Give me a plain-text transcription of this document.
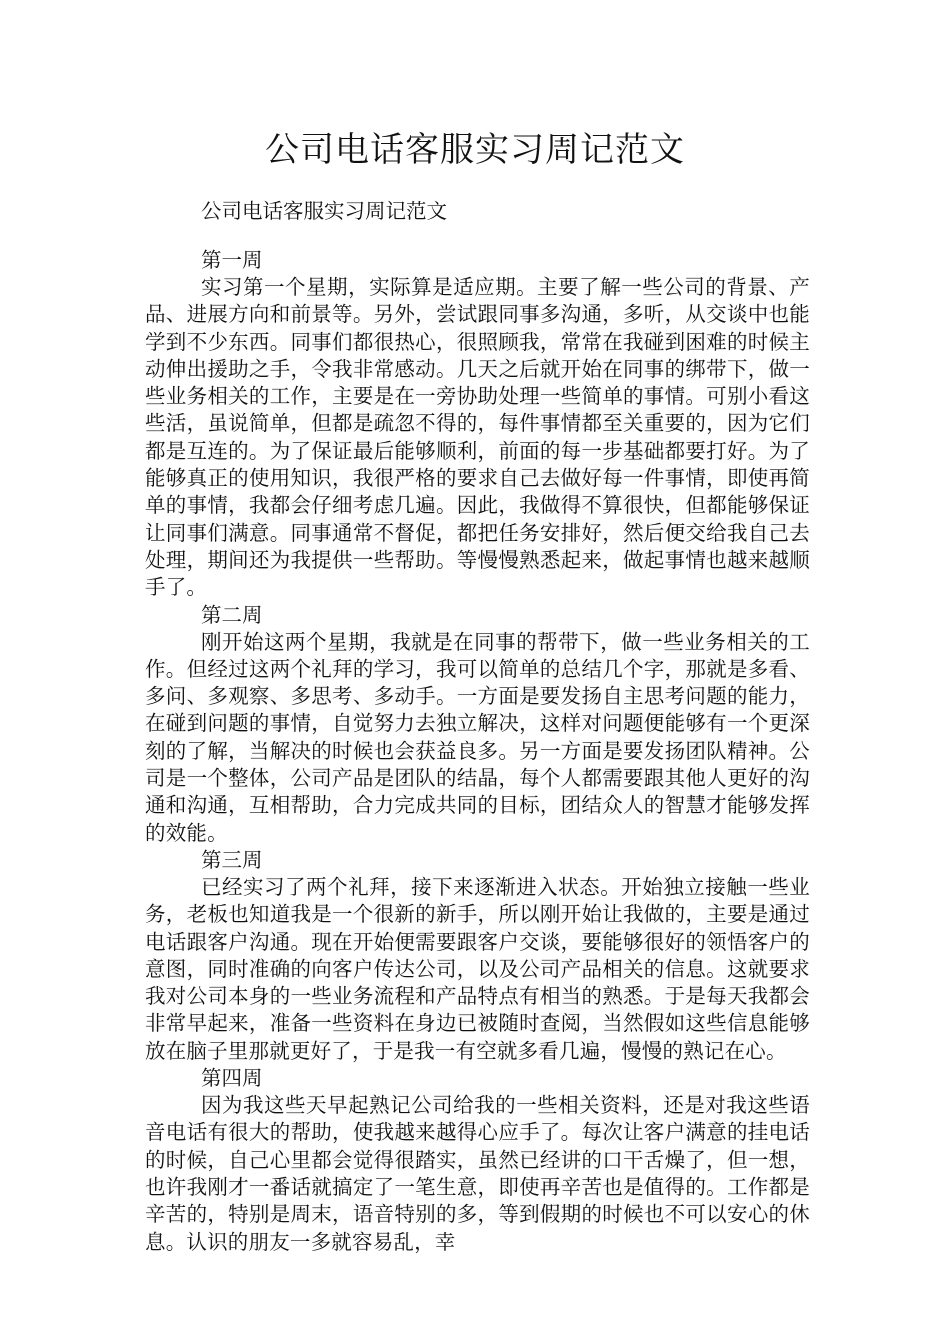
公司电话客服实习周记范文

公司电话客服实习周记范文

第一周

实习第一个星期，实际算是适应期。主要了解一些公司的背景、产品、进展方向和前景等。另外，尝试跟同事多沟通，多听，从交谈中也能学到不少东西。同事们都很热心，很照顾我，常常在我碰到困难的时候主动伸出援助之手，令我非常感动。几天之后就开始在同事的绑带下，做一些业务相关的工作，主要是在一旁协助处理一些简单的事情。可别小看这些活，虽说简单，但都是疏忽不得的，每件事情都至关重要的，因为它们都是互连的。为了保证最后能够顺利，前面的每一步基础都要打好。为了能够真正的使用知识，我很严格的要求自己去做好每一件事情，即使再简单的事情，我都会仔细考虑几遍。因此，我做得不算很快，但都能够保证让同事们满意。同事通常不督促，都把任务安排好，然后便交给我自己去处理，期间还为我提供一些帮助。等慢慢熟悉起来，做起事情也越来越顺手了。

第二周

刚开始这两个星期，我就是在同事的帮带下，做一些业务相关的工作。但经过这两个礼拜的学习，我可以简单的总结几个字，那就是多看、多问、多观察、多思考、多动手。一方面是要发扬自主思考问题的能力，在碰到问题的事情，自觉努力去独立解决，这样对问题便能够有一个更深刻的了解，当解决的时候也会获益良多。另一方面是要发扬团队精神。公司是一个整体，公司产品是团队的结晶，每个人都需要跟其他人更好的沟通和沟通，互相帮助，合力完成共同的目标，团结众人的智慧才能够发挥的效能。

第三周

已经实习了两个礼拜，接下来逐渐进入状态。开始独立接触一些业务，老板也知道我是一个很新的新手，所以刚开始让我做的，主要是通过电话跟客户沟通。现在开始便需要跟客户交谈，要能够很好的领悟客户的意图，同时准确的向客户传达公司，以及公司产品相关的信息。这就要求我对公司本身的一些业务流程和产品特点有相当的熟悉。于是每天我都会非常早起来，准备一些资料在身边已被随时查阅，当然假如这些信息能够放在脑子里那就更好了，于是我一有空就多看几遍，慢慢的熟记在心。

第四周

因为我这些天早起熟记公司给我的一些相关资料，还是对我这些语音电话有很大的帮助，使我越来越得心应手了。每次让客户满意的挂电话的时候，自己心里都会觉得很踏实，虽然已经讲的口干舌燥了，但一想，也许我刚才一番话就搞定了一笔生意，即使再辛苦也是值得的。工作都是辛苦的，特别是周末，语音特别的多，等到假期的时候也不可以安心的休息。认识的朋友一多就容易乱，幸
